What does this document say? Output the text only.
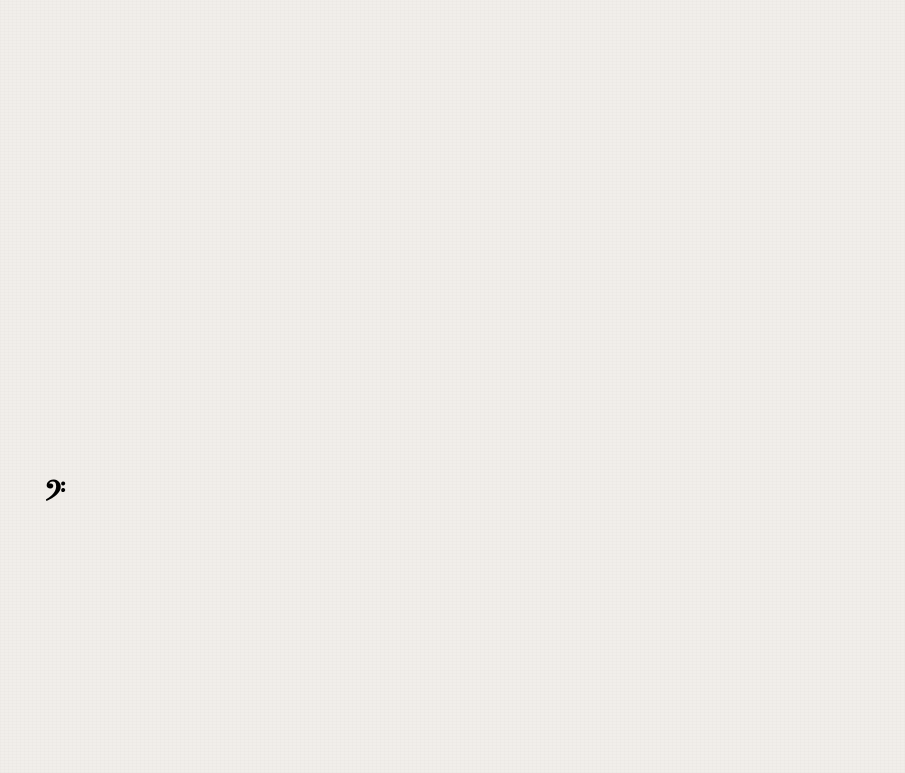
𝄢
